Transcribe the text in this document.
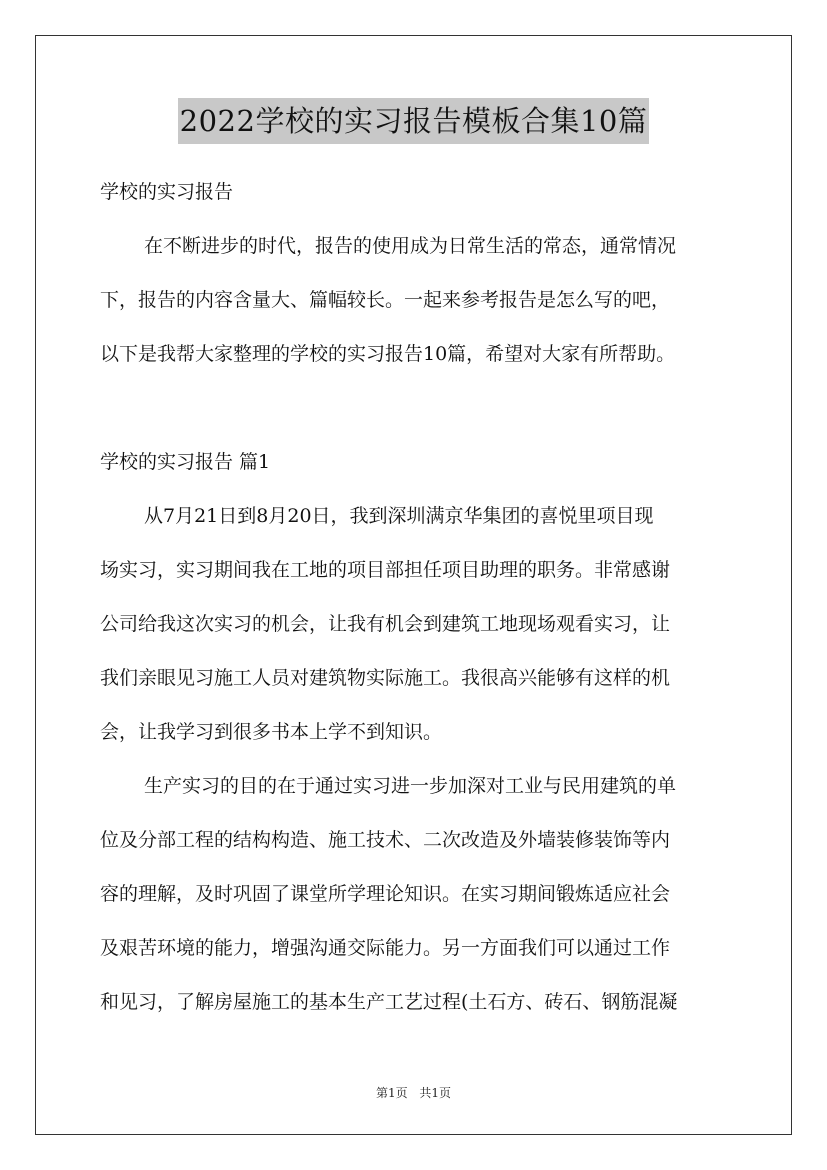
2022学校的实习报告模板合集10篇

学校的实习报告

在不断进步的时代，报告的使用成为日常生活的常态，通常情况

下，报告的内容含量大、篇幅较长。一起来参考报告是怎么写的吧，

以下是我帮大家整理的学校的实习报告10篇，希望对大家有所帮助。

学校的实习报告 篇1

从7月21日到8月20日，我到深圳满京华集团的喜悦里项目现

场实习，实习期间我在工地的项目部担任项目助理的职务。非常感谢

公司给我这次实习的机会，让我有机会到建筑工地现场观看实习，让

我们亲眼见习施工人员对建筑物实际施工。我很高兴能够有这样的机

会，让我学习到很多书本上学不到知识。

生产实习的目的在于通过实习进一步加深对工业与民用建筑的单

位及分部工程的结构构造、施工技术、二次改造及外墙装修装饰等内

容的理解，及时巩固了课堂所学理论知识。在实习期间锻炼适应社会

及艰苦环境的能力，增强沟通交际能力。另一方面我们可以通过工作

和见习，了解房屋施工的基本生产工艺过程(土石方、砖石、钢筋混凝

第1页 共1页
